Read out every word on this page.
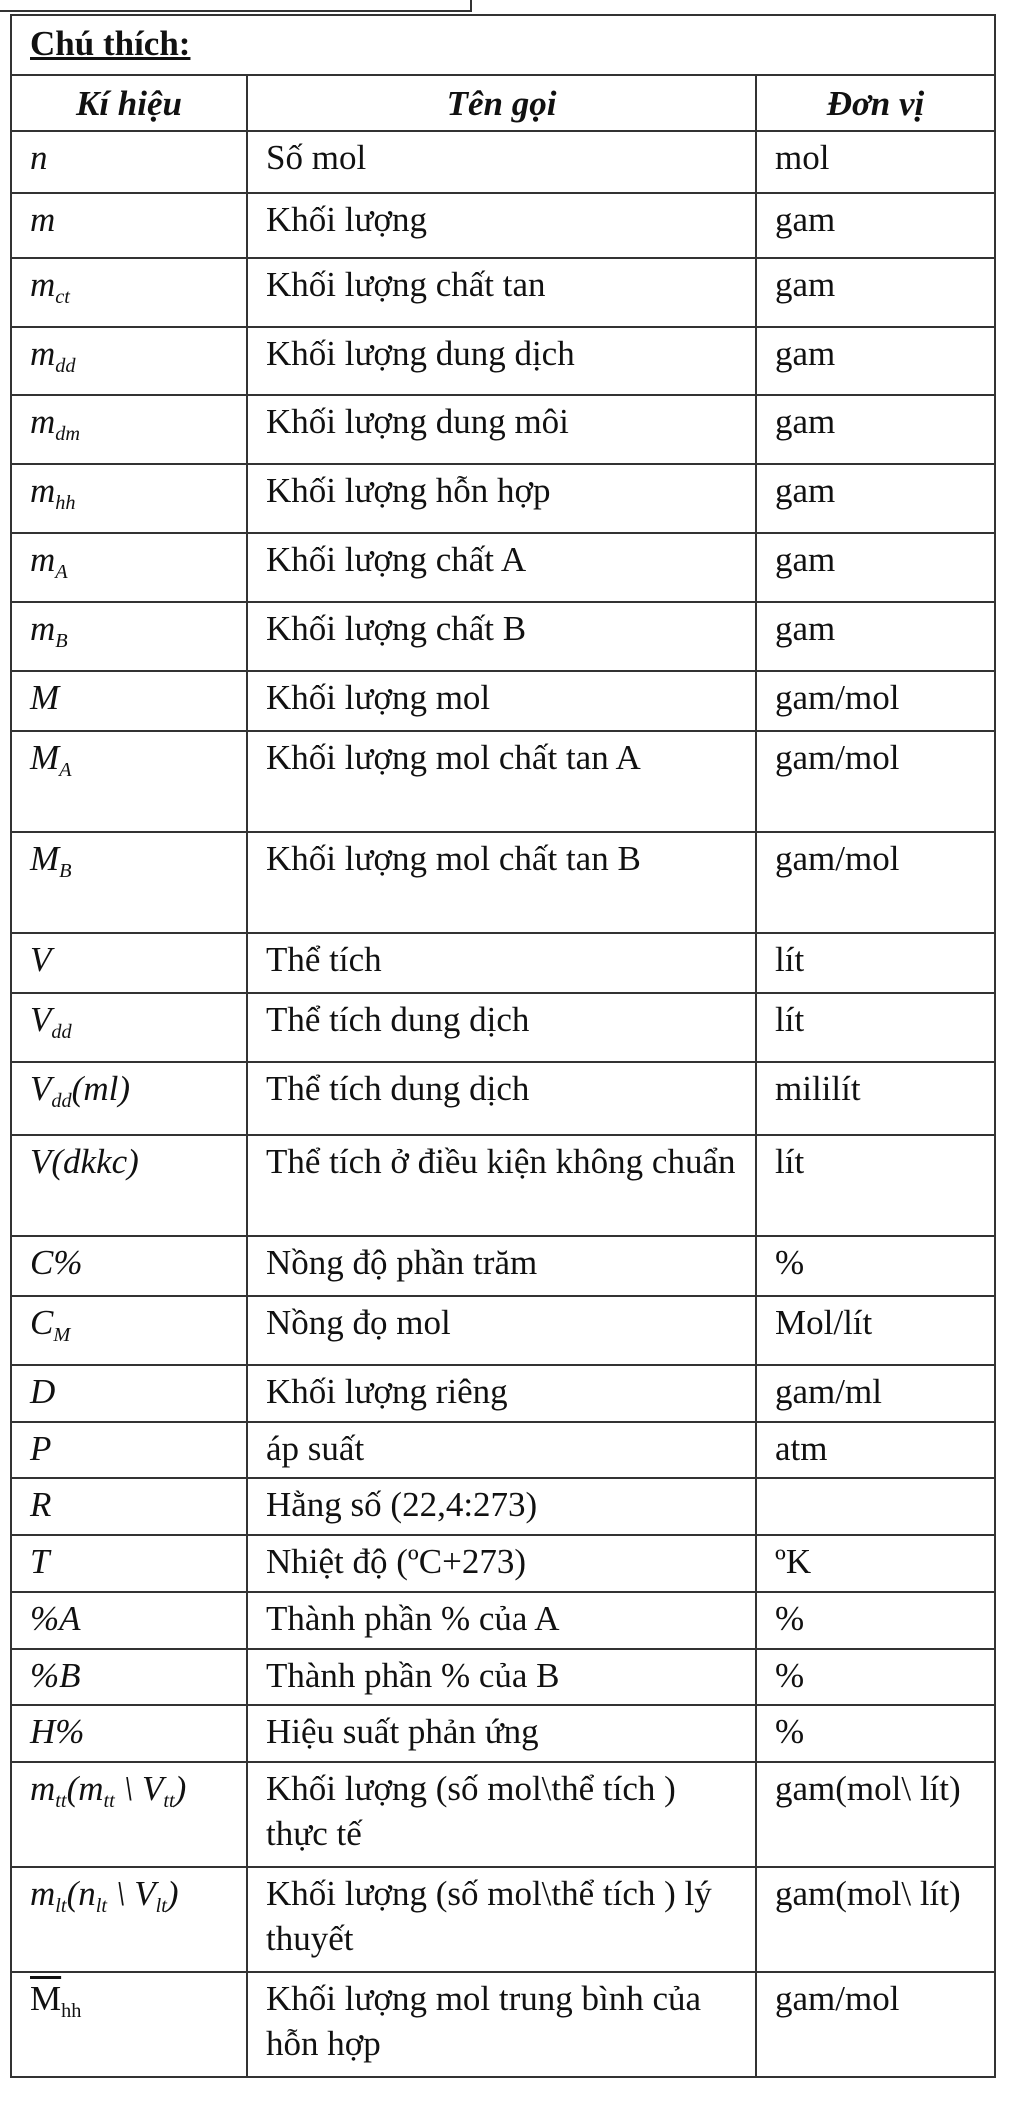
Chú thích:		
Kí hiệu	Tên gọi	Đơn vị
n	Số mol	mol
m	Khối lượng	gam
$m_{ct}$	Khối lượng chất tan	gam
$m_{dd}$	Khối lượng dung dịch	gam
$m_{dm}$	Khối lượng dung môi	gam
$m_{hh}$	Khối lượng hỗn hợp	gam
$m_A$	Khối lượng chất A	gam
$m_B$	Khối lượng chất B	gam
M	Khối lượng mol	gam/mol
$M_A$	Khối lượng mol chất tan A	gam/mol
$M_B$	Khối lượng mol chất tan B	gam/mol
V	Thể tích	lít
$V_{dd}$	Thể tích dung dịch	lít
$V_{dd}(ml)$	Thể tích dung dịch	mililít
V(dkkc)	Thể tích ở điều kiện không chuẩn	lít
C%	Nồng độ phần trăm	%
$C_M$	Nồng đọ mol	Mol/lít
D	Khối lượng riêng	gam/ml
P	áp suất	atm
R	Hằng số (22,4:273)	
T	Nhiệt độ (ºC+273)	ºK
%A	Thành phần % của A	%
%B	Thành phần % của B	%
H%	Hiệu suất phản ứng	%
$m_{tt}(m_{tt}$ \ $V_{tt}$)	Khối lượng (số mol\thể tích ) thực tế	gam(mol\ lít)
$m_{lt}(n_{lt}$ \ $V_{lt}$)	Khối lượng (số mol\thể tích ) lý thuyết	gam(mol\ lít)
$\overline{M}_{hh}$	Khối lượng mol trung bình của hỗn hợp	gam/mol
